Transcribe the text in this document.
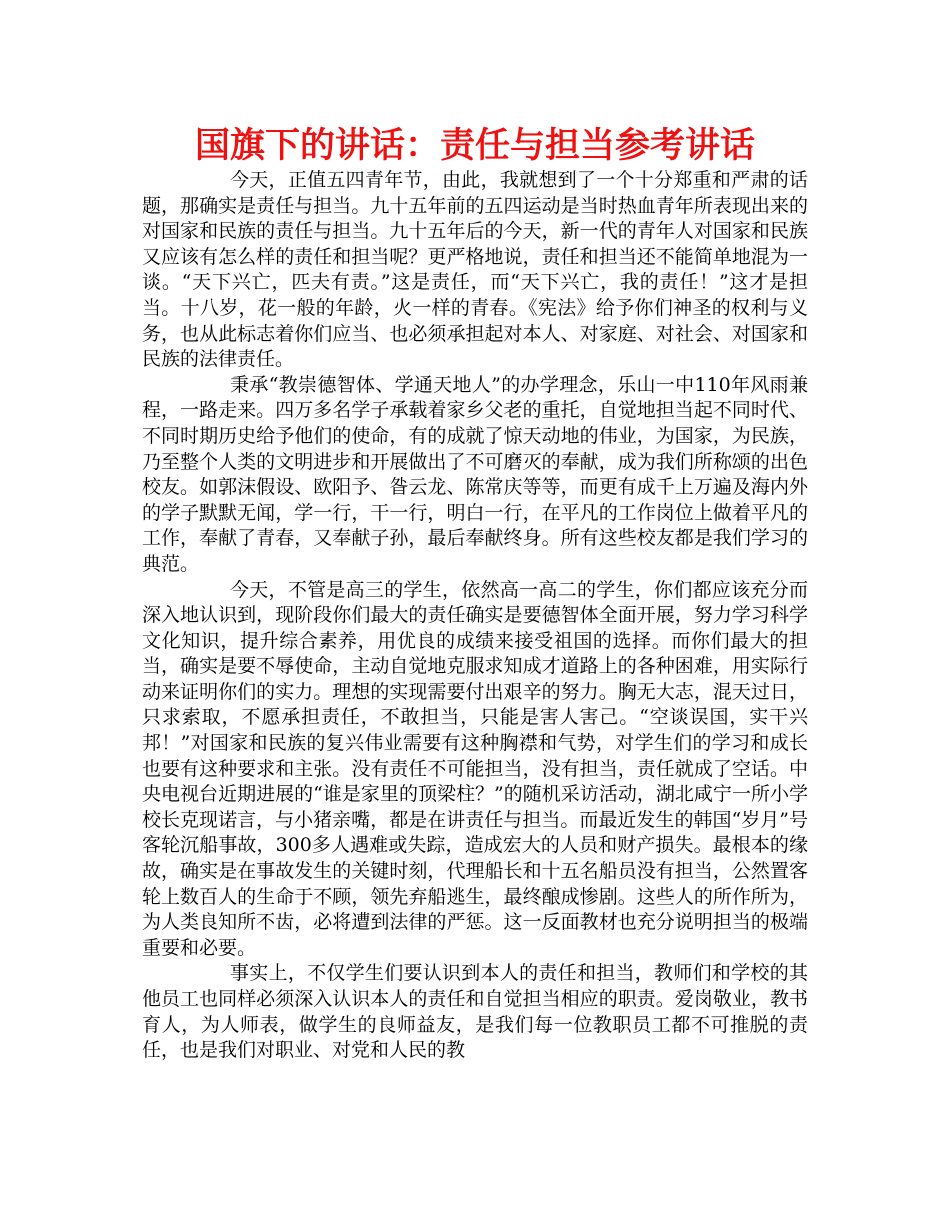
国旗下的讲话：责任与担当参考讲话

今天，正值五四青年节，由此，我就想到了一个十分郑重和严肃的话题，那确实是责任与担当。九十五年前的五四运动是当时热血青年所表现出来的对国家和民族的责任与担当。九十五年后的今天，新一代的青年人对国家和民族又应该有怎么样的责任和担当呢？更严格地说，责任和担当还不能简单地混为一谈。“天下兴亡，匹夫有责。”这是责任，而“天下兴亡，我的责任！”这才是担当。十八岁，花一般的年龄，火一样的青春。《宪法》给予你们神圣的权利与义务，也从此标志着你们应当、也必须承担起对本人、对家庭、对社会、对国家和民族的法律责任。

秉承“教崇德智体、学通天地人”的办学理念，乐山一中110年风雨兼程，一路走来。四万多名学子承载着家乡父老的重托，自觉地担当起不同时代、不同时期历史给予他们的使命，有的成就了惊天动地的伟业，为国家，为民族，乃至整个人类的文明进步和开展做出了不可磨灭的奉献，成为我们所称颂的出色校友。如郭沫假设、欧阳予、昝云龙、陈常庆等等，而更有成千上万遍及海内外的学子默默无闻，学一行，干一行，明白一行，在平凡的工作岗位上做着平凡的工作，奉献了青春，又奉献子孙，最后奉献终身。所有这些校友都是我们学习的典范。

今天，不管是高三的学生，依然高一高二的学生，你们都应该充分而深入地认识到，现阶段你们最大的责任确实是要德智体全面开展，努力学习科学文化知识，提升综合素养，用优良的成绩来接受祖国的选择。而你们最大的担当，确实是要不辱使命，主动自觉地克服求知成才道路上的各种困难，用实际行动来证明你们的实力。理想的实现需要付出艰辛的努力。胸无大志，混天过日，只求索取，不愿承担责任，不敢担当，只能是害人害己。“空谈误国，实干兴邦！”对国家和民族的复兴伟业需要有这种胸襟和气势，对学生们的学习和成长也要有这种要求和主张。没有责任不可能担当，没有担当，责任就成了空话。中央电视台近期进展的“谁是家里的顶梁柱？”的随机采访活动，湖北咸宁一所小学校长克现诺言，与小猪亲嘴，都是在讲责任与担当。而最近发生的韩国“岁月”号客轮沉船事故，300多人遇难或失踪，造成宏大的人员和财产损失。最根本的缘故，确实是在事故发生的关键时刻，代理船长和十五名船员没有担当，公然置客轮上数百人的生命于不顾，领先弃船逃生，最终酿成惨剧。这些人的所作所为，为人类良知所不齿，必将遭到法律的严惩。这一反面教材也充分说明担当的极端重要和必要。

事实上，不仅学生们要认识到本人的责任和担当，教师们和学校的其他员工也同样必须深入认识本人的责任和自觉担当相应的职责。爱岗敬业，教书育人，为人师表，做学生的良师益友，是我们每一位教职员工都不可推脱的责任，也是我们对职业、对党和人民的教
